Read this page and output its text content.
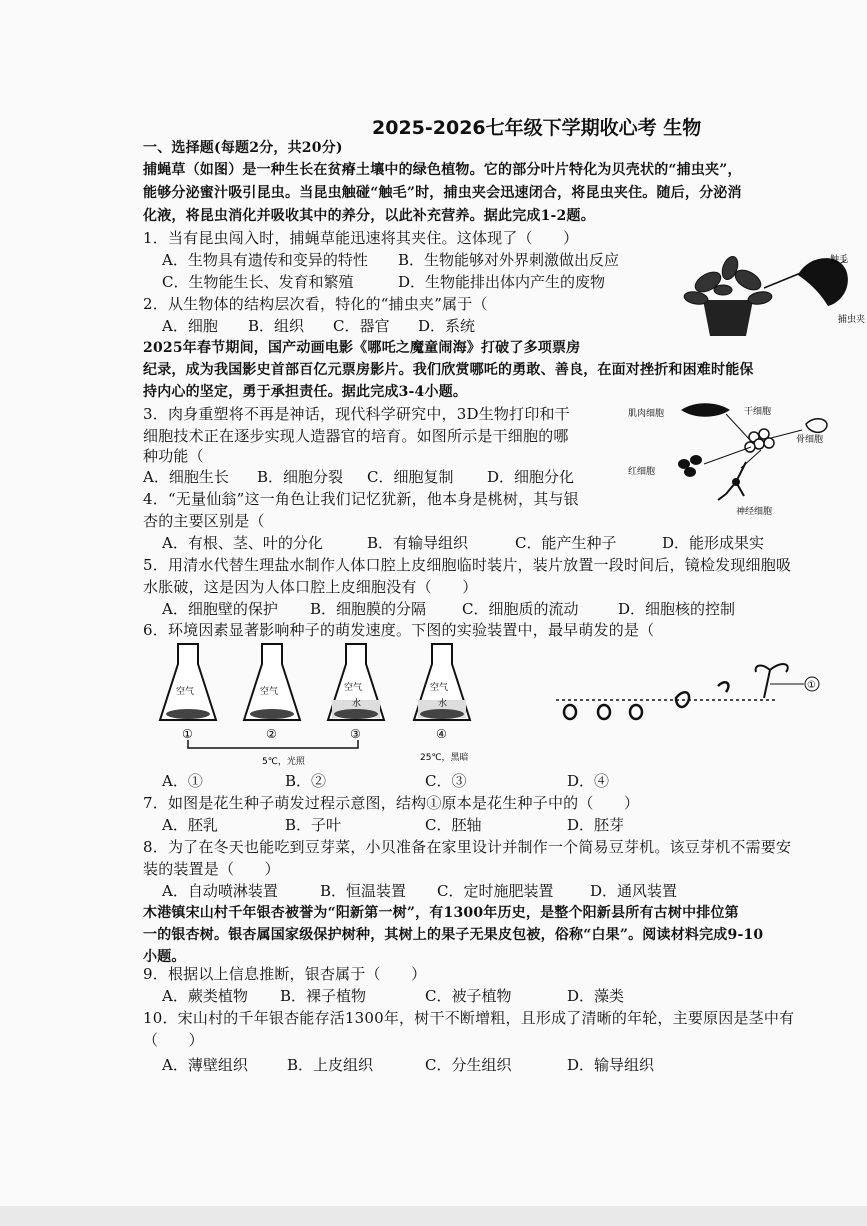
2025-2026七年级下学期收心考 生物
一、选择题(每题2分，共20分)
捕蝇草（如图）是一种生长在贫瘠土壤中的绿色植物。它的部分叶片特化为贝壳状的“捕虫夹”，
能够分泌蜜汁吸引昆虫。当昆虫触碰“触毛”时，捕虫夹会迅速闭合，将昆虫夹住。随后，分泌消
化液，将昆虫消化并吸收其中的养分，以此补充营养。据此完成1-2题。
1．当有昆虫闯入时，捕蝇草能迅速将其夹住。这体现了（　　）
A．生物具有遗传和变异的特性 B．生物能够对外界刺激做出反应
C．生物能生长、发育和繁殖	D．生物能排出体内产生的废物
2．从生物体的结构层次看，特化的“捕虫夹”属于（
A．细胞 B．组织 C．器官 D．系统
2025年春节期间，国产动画电影《哪吒之魔童闹海》打破了多项票房
纪录，成为我国影史首部百亿元票房影片。我们欣赏哪吒的勇敢、善良，在面对挫折和困难时能保
持内心的坚定，勇于承担责任。据此完成3-4小题。
3．肉身重塑将不再是神话，现代科学研究中，3D生物打印和干
细胞技术正在逐步实现人造器官的培育。如图所示是干细胞的哪
种功能（
A．细胞生长 B．细胞分裂 C．细胞复制 D．细胞分化
4．“无量仙翁”这一角色让我们记忆犹新，他本身是桃树，其与银
杏的主要区别是（
A．有根、茎、叶的分化	B．有输导组织	C．能产生种子	D．能形成果实
5．用清水代替生理盐水制作人体口腔上皮细胞临时装片，装片放置一段时间后，镜检发现细胞吸
水胀破，这是因为人体口腔上皮细胞没有（　　）
A．细胞壁的保护 B．细胞膜的分隔 C．细胞质的流动	D．细胞核的控制
6．环境因素显著影响种子的萌发速度。下图的实验装置中，最早萌发的是（
A．①	B．②	C．③	D．④
7．如图是花生种子萌发过程示意图，结构①原本是花生种子中的（　　）
A．胚乳	B．子叶	C．胚轴	D．胚芽
8．为了在冬天也能吃到豆芽菜，小贝准备在家里设计并制作一个简易豆芽机。该豆芽机不需要安
装的装置是（　　）
A．自动喷淋装置	B．恒温装置 C．定时施肥装置 D．通风装置
木港镇宋山村千年银杏被誉为“阳新第一树”，有1300年历史，是整个阳新县所有古树中排位第
一的银杏树。银杏属国家级保护树种，其树上的果子无果皮包被，俗称“白果”。阅读材料完成9-10
小题。
9．根据以上信息推断，银杏属于（　　）
A．蕨类植物 B．裸子植物	C．被子植物	D．藻类
10．宋山村的千年银杏能存活1300年，树干不断增粗，且形成了清晰的年轮，主要原因是茎中有
（　　）
A．薄壁组织	B．上皮组织	C．分生组织	D．输导组织
触毛
捕虫夹
肌肉细胞	干细胞
骨细胞
红细胞
神经细胞
空气	空气	空气
水
空气
水
①	②	③	④
5℃，光照	25℃，黑暗
①
